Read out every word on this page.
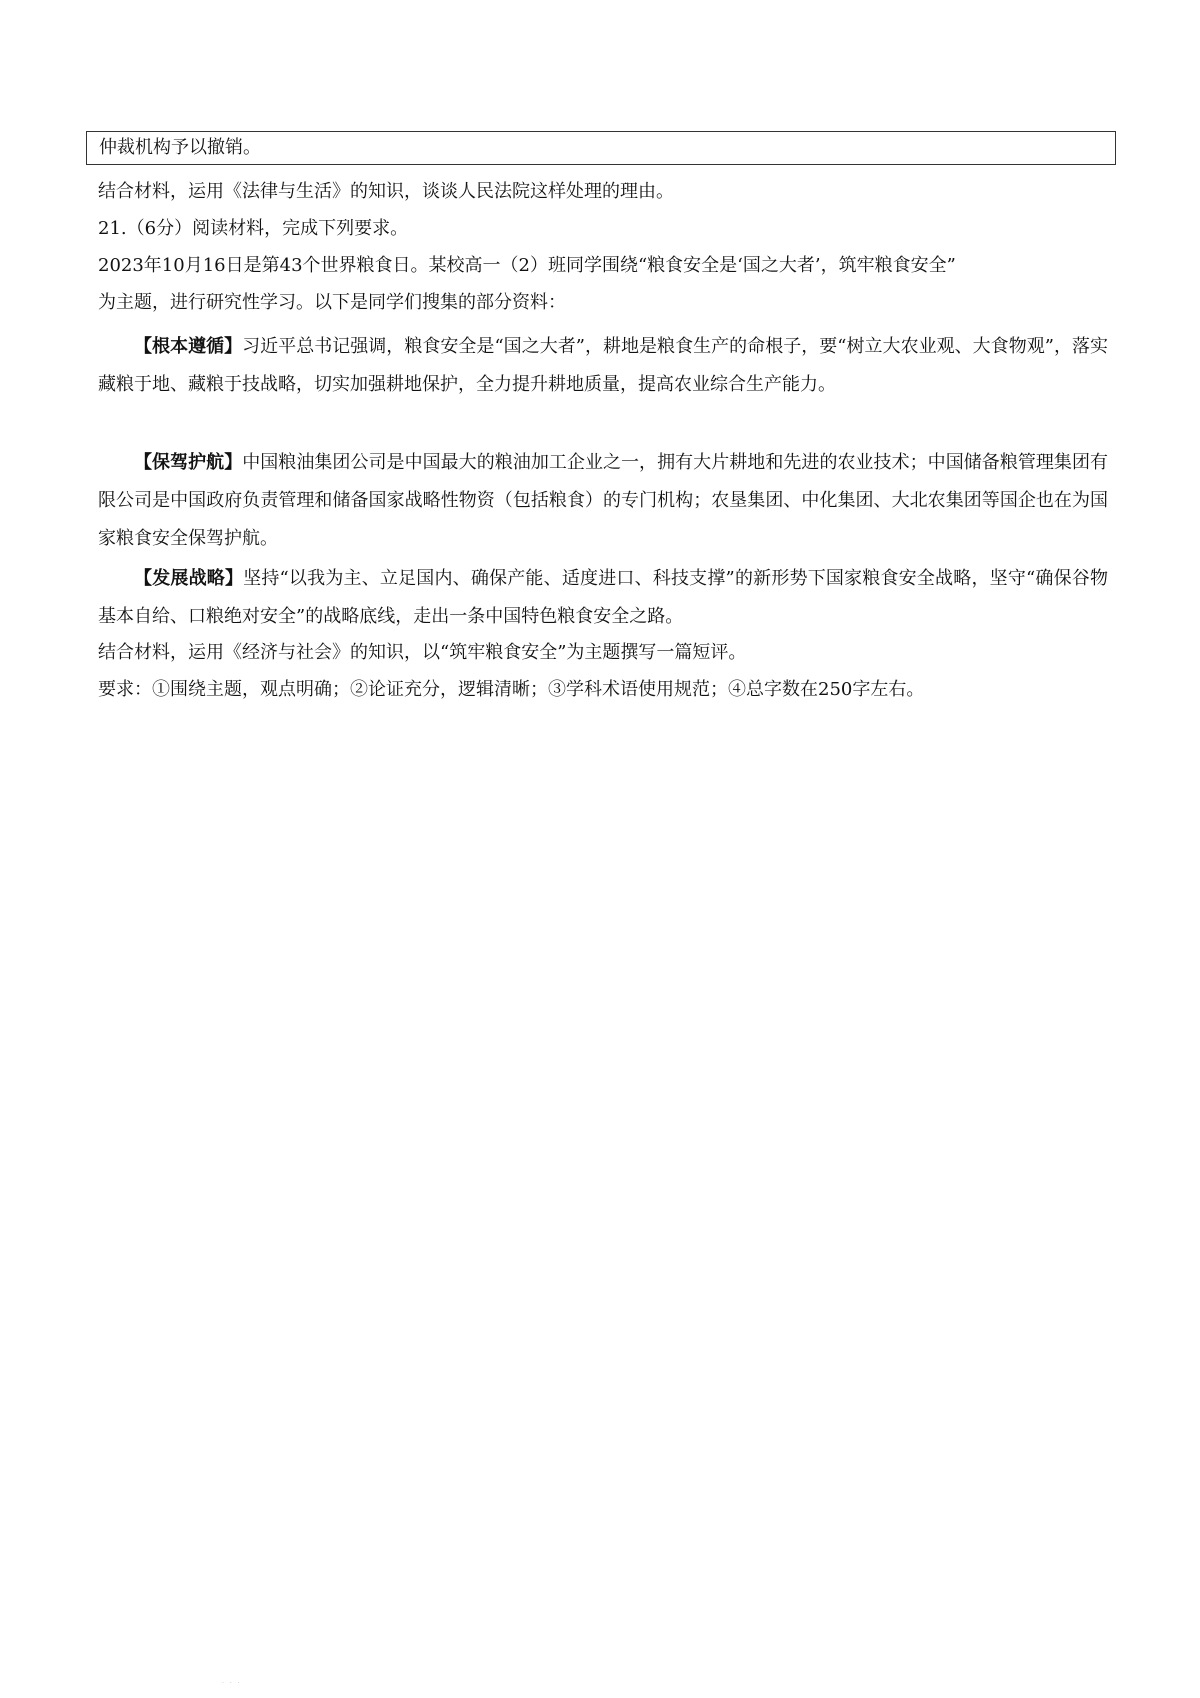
仲裁机构予以撤销。
结合材料，运用《法律与生活》的知识，谈谈人民法院这样处理的理由。
21.（6分）阅读材料，完成下列要求。
2023年10月16日是第43个世界粮食日。某校高一（2）班同学围绕“粮食安全是‘国之大者’，筑牢粮食安全”
为主题，进行研究性学习。以下是同学们搜集的部分资料：
【根本遵循】习近平总书记强调，粮食安全是“国之大者”，耕地是粮食生产的命根子，要“树立大农业观、大食物观”，落实藏粮于地、藏粮于技战略，切实加强耕地保护，全力提升耕地质量，提高农业综合生产能力。
【保驾护航】中国粮油集团公司是中国最大的粮油加工企业之一，拥有大片耕地和先进的农业技术；中国储备粮管理集团有限公司是中国政府负责管理和储备国家战略性物资（包括粮食）的专门机构；农垦集团、中化集团、大北农集团等国企也在为国家粮食安全保驾护航。
【发展战略】坚持“以我为主、立足国内、确保产能、适度进口、科技支撑”的新形势下国家粮食安全战略，坚守“确保谷物基本自给、口粮绝对安全”的战略底线，走出一条中国特色粮食安全之路。
结合材料，运用《经济与社会》的知识，以“筑牢粮食安全”为主题撰写一篇短评。
要求：①围绕主题，观点明确；②论证充分，逻辑清晰；③学科术语使用规范；④总字数在250字左右。
· · ·
